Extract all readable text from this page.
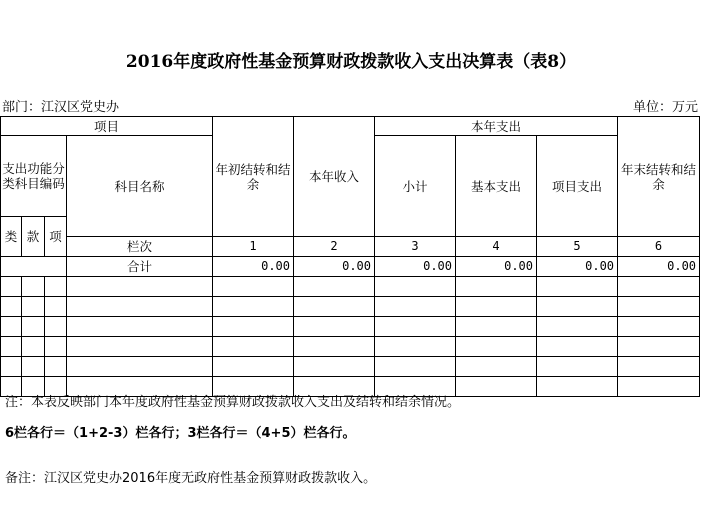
2016年度政府性基金预算财政拨款收入支出决算表（表8）
部门：江汉区党史办	单位：万元
项目				年初结转和结余	本年收入	本年支出			年末结转和结余
支出功能分类科目编码			科目名称			小计	基本支出	项目支出	
类	款	项							
			栏次	1	2	3	4	5	6
			合计	0.00	0.00	0.00	0.00	0.00	0.00

注：本表反映部门本年度政府性基金预算财政拨款收入支出及结转和结余情况。
6栏各行＝（1+2-3）栏各行；3栏各行＝（4+5）栏各行。
备注：江汉区党史办2016年度无政府性基金预算财政拨款收入。
